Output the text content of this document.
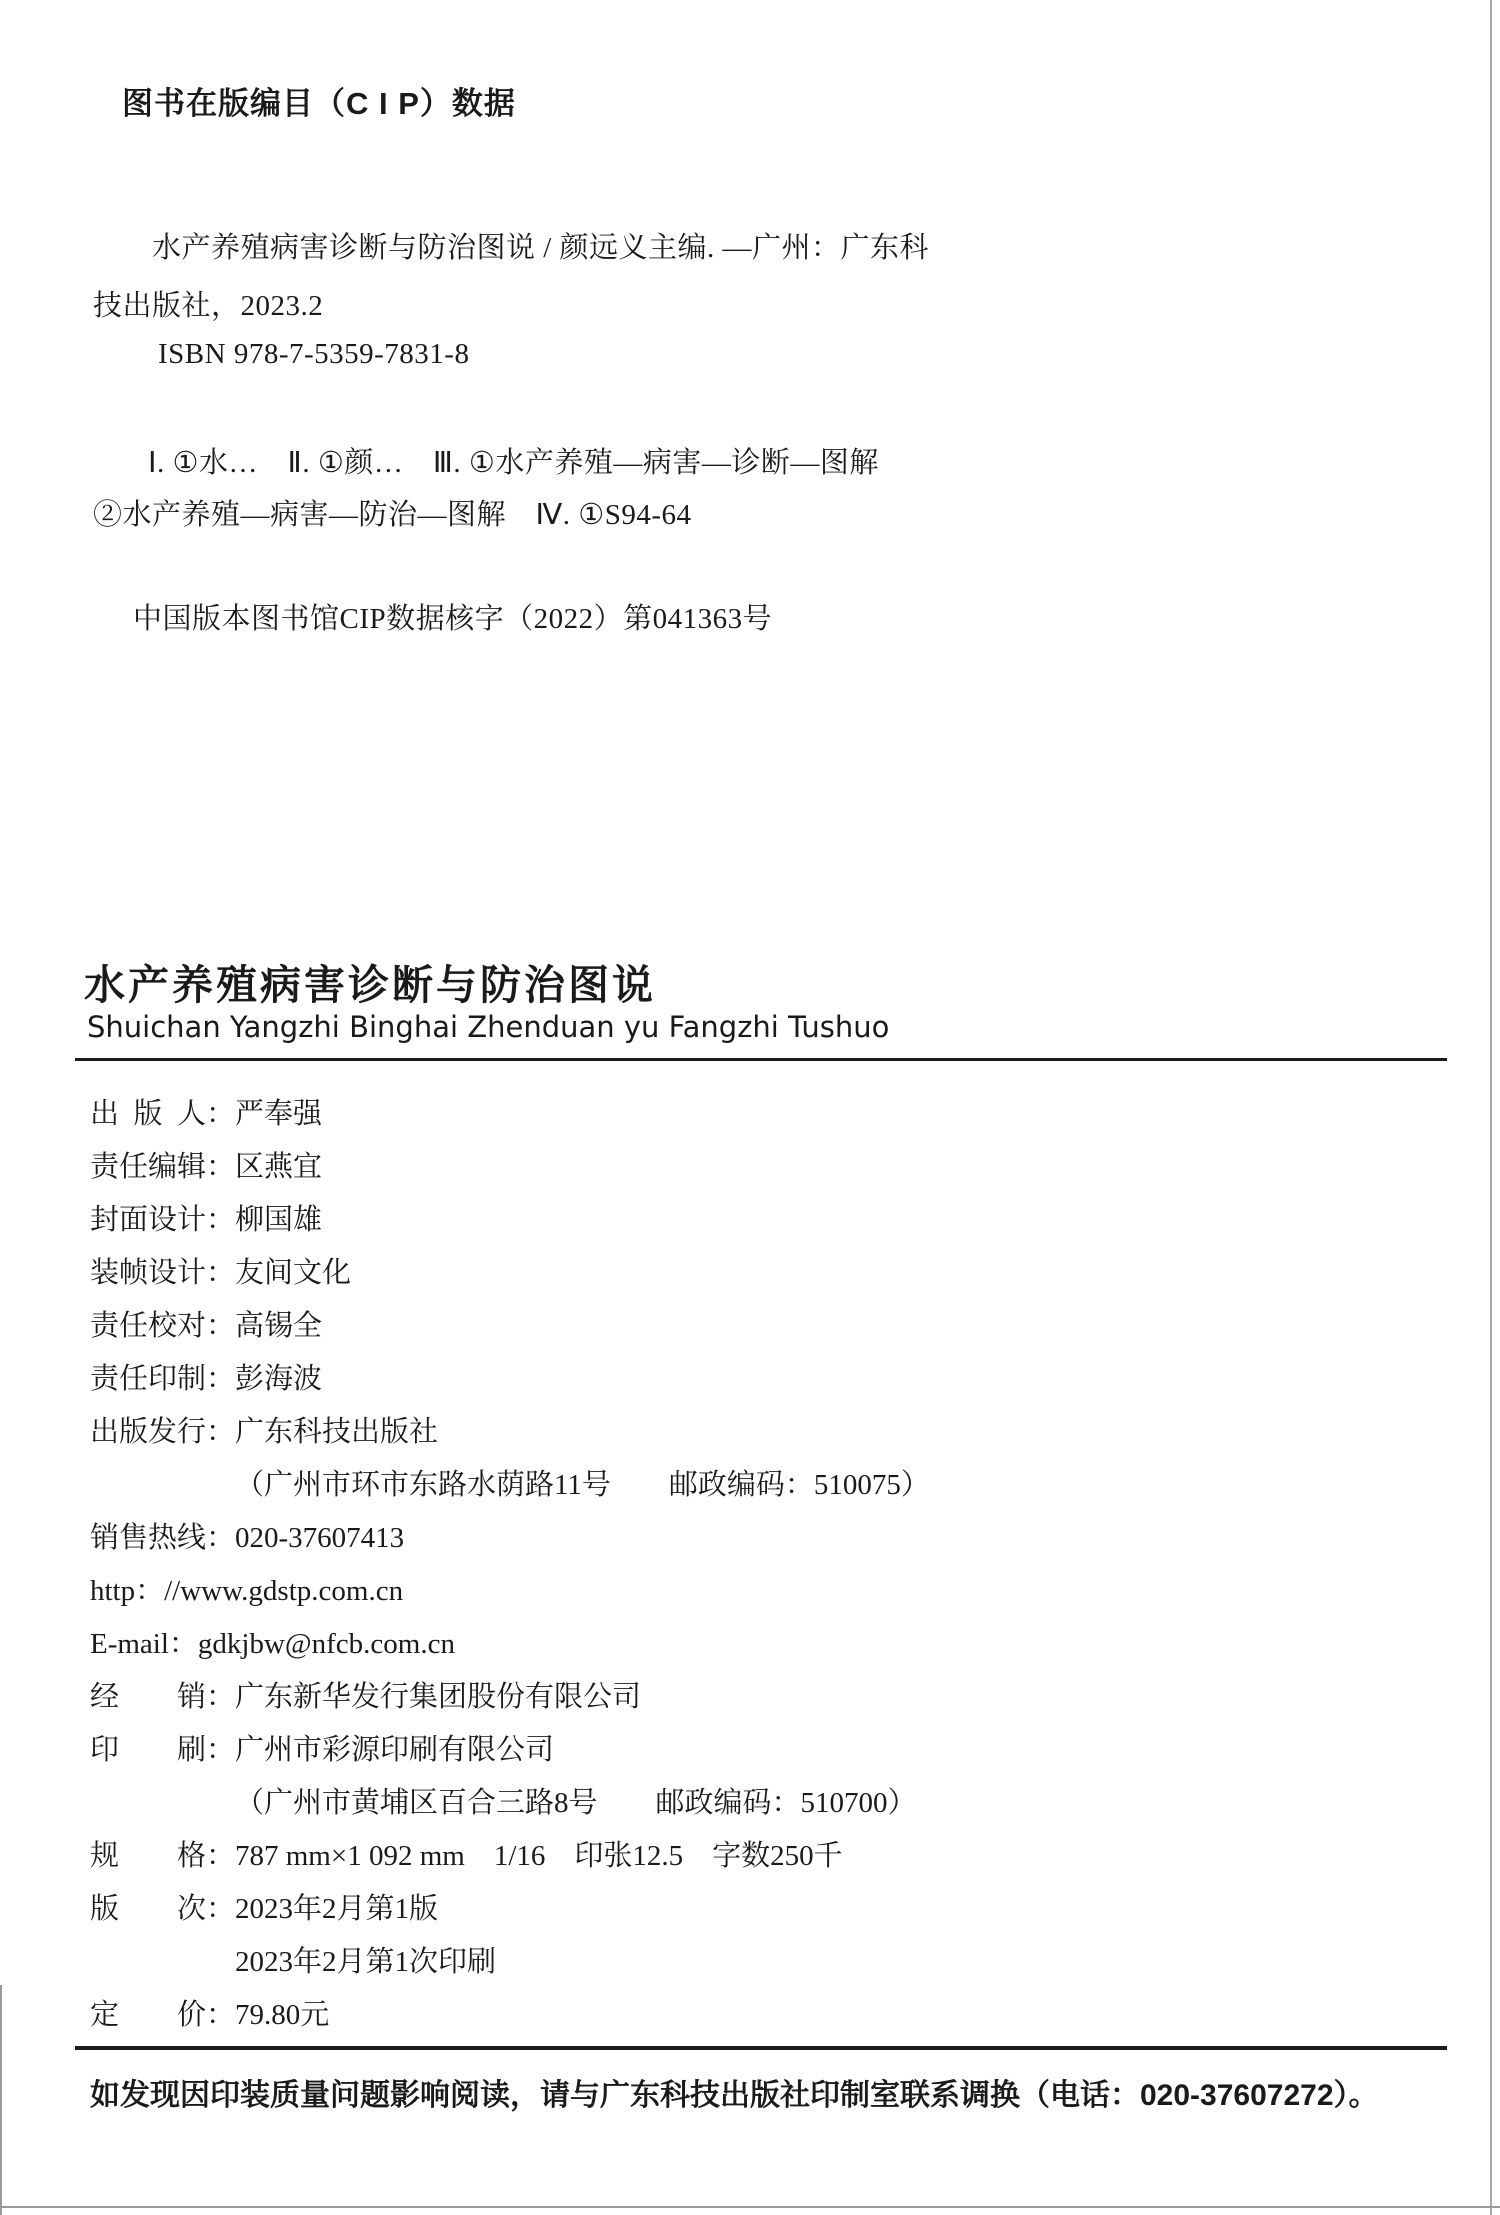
图书在版编目（C I P）数据
水产养殖病害诊断与防治图说 / 颜远义主编. —广州：广东科
技出版社，2023.2
ISBN 978-7-5359-7831-8
Ⅰ. ①水…　Ⅱ. ①颜…　Ⅲ. ①水产养殖—病害—诊断—图解
②水产养殖—病害—防治—图解　Ⅳ. ①S94-64
中国版本图书馆CIP数据核字（2022）第041363号
水产养殖病害诊断与防治图说
Shuichan Yangzhi Binghai Zhenduan yu Fangzhi Tushuo
出 版 人 ：严奉强
责 任 编 辑 ：区燕宜
封 面 设 计 ：柳国雄
装 帧 设 计 ：友间文化
责 任 校 对 ：高锡全
责 任 印 制 ：彭海波
出 版 发 行 ：广东科技出版社
（广州市环市东路水荫路11号　　邮政编码：510075）
销 售 热 线 ：020-37607413
http：//www.gdstp.com.cn
E-mail：gdkjbw@nfcb.com.cn
经 销 ：广东新华发行集团股份有限公司
印 刷 ：广州市彩源印刷有限公司
（广州市黄埔区百合三路8号　　邮政编码：510700）
规 格 ：787 mm×1 092 mm　1/16　印张12.5　字数250千
版 次 ：2023年2月第1版
2023年2月第1次印刷
定 价 ：79.80元
如发现因印装质量问题影响阅读，请与广东科技出版社印制室联系调换（电话：020-37607272）。
